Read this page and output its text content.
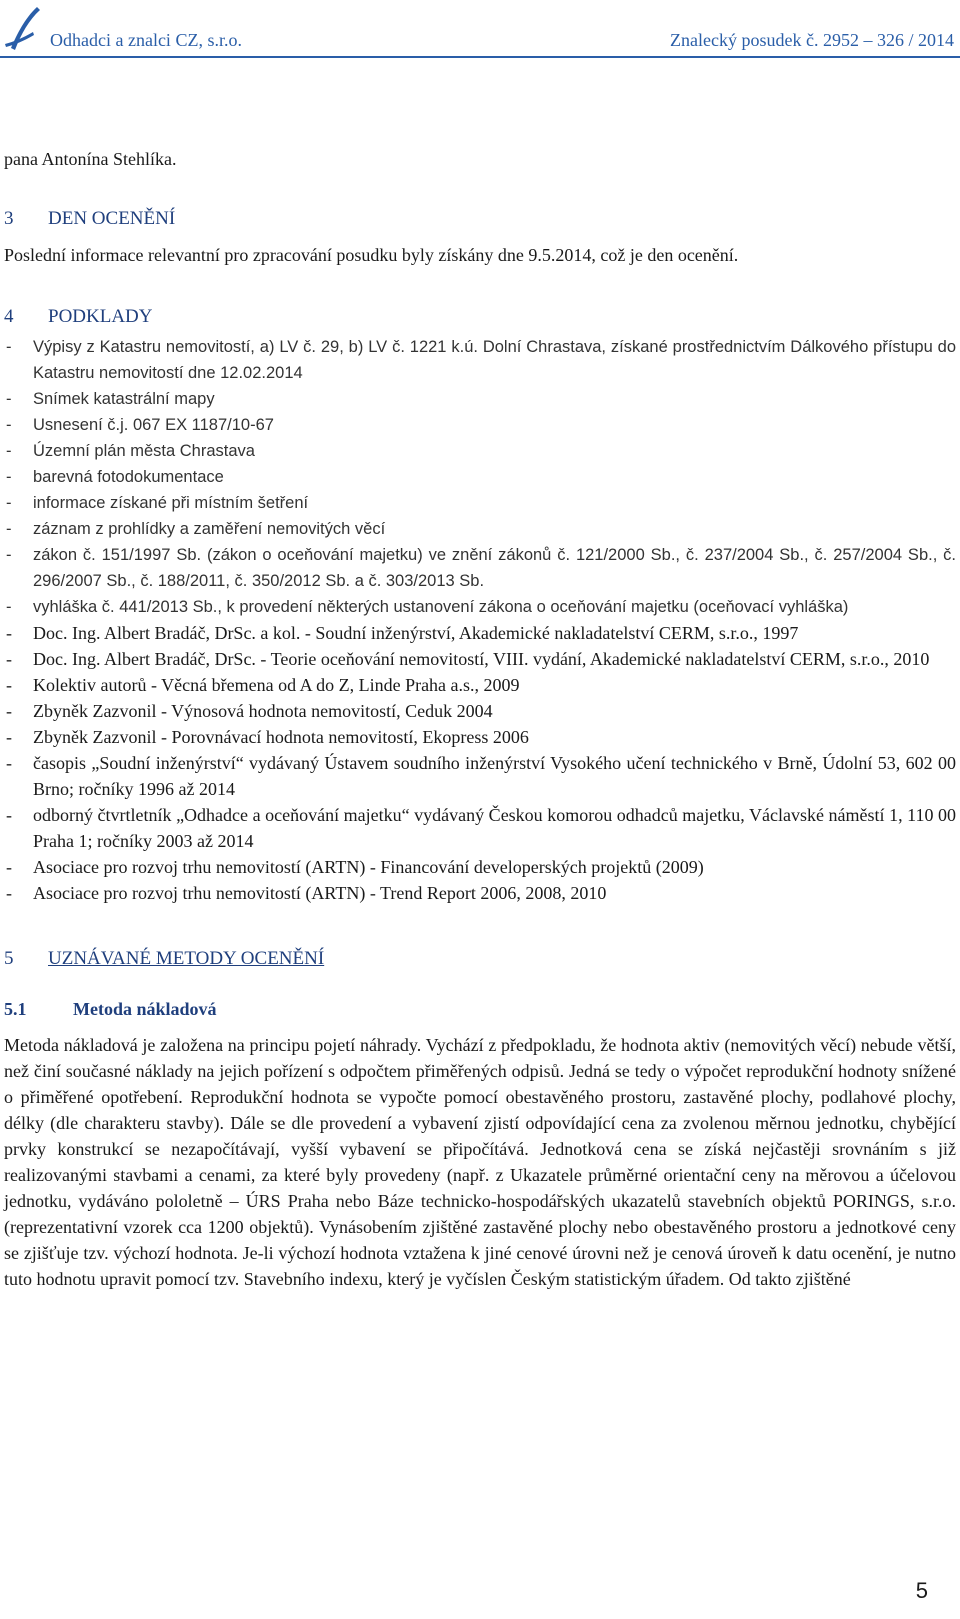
Odhadci a znalci CZ, s.r.o.	Znalecký posudek č. 2952 – 326 / 2014

pana Antonína Stehlíka.

3 DEN OCENĚNÍ

Poslední informace relevantní pro zpracování posudku byly získány dne 9.5.2014, což je den ocenění.

4 PODKLADY
- Výpisy z Katastru nemovitostí, a) LV č. 29, b) LV č. 1221 k.ú. Dolní Chrastava, získané prostřednictvím Dálkového přístupu do Katastru nemovitostí dne 12.02.2014
- Snímek katastrální mapy
- Usnesení č.j. 067 EX 1187/10-67
- Územní plán města Chrastava
- barevná fotodokumentace
- informace získané při místním šetření
- záznam z prohlídky a zaměření nemovitých věcí
- zákon č. 151/1997 Sb. (zákon o oceňování majetku) ve znění zákonů č. 121/2000 Sb., č. 237/2004 Sb., č. 257/2004 Sb., č. 296/2007 Sb., č. 188/2011, č. 350/2012 Sb. a č. 303/2013 Sb.
- vyhláška č. 441/2013 Sb., k provedení některých ustanovení zákona o oceňování majetku (oceňovací vyhláška)
- Doc. Ing. Albert Bradáč, DrSc. a kol. - Soudní inženýrství, Akademické nakladatelství CERM, s.r.o., 1997
- Doc. Ing. Albert Bradáč, DrSc. - Teorie oceňování nemovitostí, VIII. vydání, Akademické nakladatelství CERM, s.r.o., 2010
- Kolektiv autorů - Věcná břemena od A do Z, Linde Praha a.s., 2009
- Zbyněk Zazvonil - Výnosová hodnota nemovitostí, Ceduk 2004
- Zbyněk Zazvonil - Porovnávací hodnota nemovitostí, Ekopress 2006
- časopis „Soudní inženýrství“ vydávaný Ústavem soudního inženýrství Vysokého učení technického v Brně, Údolní 53, 602 00 Brno; ročníky 1996 až 2014
- odborný čtvrtletník „Odhadce a oceňování majetku“ vydávaný Českou komorou odhadců majetku, Václavské náměstí 1, 110 00 Praha 1; ročníky 2003 až 2014
- Asociace pro rozvoj trhu nemovitostí (ARTN) - Financování developerských projektů (2009)
- Asociace pro rozvoj trhu nemovitostí (ARTN) - Trend Report 2006, 2008, 2010
5 UZNÁVANÉ METODY OCENĚNÍ
5.1	Metoda nákladová

Metoda nákladová je založena na principu pojetí náhrady. Vychází z předpokladu, že hodnota aktiv (nemovitých věcí) nebude větší, než činí současné náklady na jejich pořízení s odpočtem přiměřených odpisů. Jedná se tedy o výpočet reprodukční hodnoty snížené o přiměřené opotřebení. Reprodukční hodnota se vypočte pomocí obestavěného prostoru, zastavěné plochy, podlahové plochy, délky (dle charakteru stavby). Dále se dle provedení a vybavení zjistí odpovídající cena za zvolenou měrnou jednotku, chybějící prvky konstrukcí se nezapočítávají, vyšší vybavení se připočítává. Jednotková cena se získá nejčastěji srovnáním s již realizovanými stavbami a cenami, za které byly provedeny (např. z Ukazatele průměrné orientační ceny na měrovou a účelovou jednotku, vydáváno pololetně – ÚRS Praha nebo Báze technicko-hospodářských ukazatelů stavebních objektů PORINGS, s.r.o. (reprezentativní vzorek cca 1200 objektů). Vynásobením zjištěné zastavěné plochy nebo obestavěného prostoru a jednotkové ceny se zjišťuje tzv. výchozí hodnota. Je-li výchozí hodnota vztažena k jiné cenové úrovni než je cenová úroveň k datu ocenění, je nutno tuto hodnotu upravit pomocí tzv. Stavebního indexu, který je vyčíslen Českým statistickým úřadem. Od takto zjištěné

5
